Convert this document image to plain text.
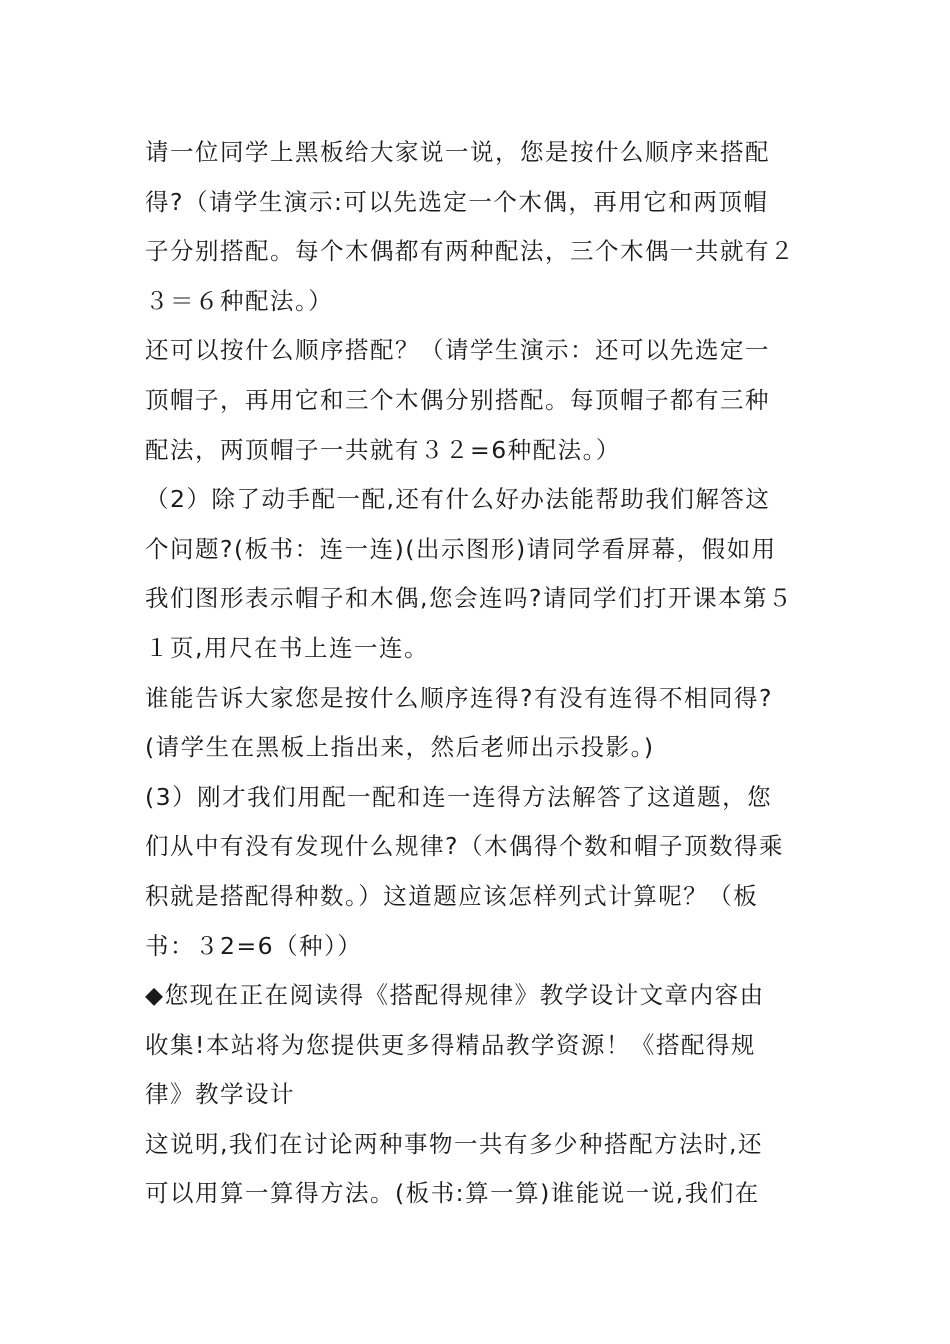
请一位同学上黑板给大家说一说，您是按什么顺序来搭配
得?（请学生演示:可以先选定一个木偶，再用它和两顶帽
子分别搭配。每个木偶都有两种配法，三个木偶一共就有２
３＝６种配法。）
还可以按什么顺序搭配？（请学生演示：还可以先选定一
顶帽子，再用它和三个木偶分别搭配。每顶帽子都有三种
配法，两顶帽子一共就有３２=6种配法。）
（2）除了动手配一配,还有什么好办法能帮助我们解答这
个问题?(板书：连一连)(出示图形)请同学看屏幕，假如用
我们图形表示帽子和木偶,您会连吗?请同学们打开课本第５
１页,用尺在书上连一连。
谁能告诉大家您是按什么顺序连得?有没有连得不相同得?
(请学生在黑板上指出来，然后老师出示投影。)
(3）刚才我们用配一配和连一连得方法解答了这道题，您
们从中有没有发现什么规律?（木偶得个数和帽子顶数得乘
积就是搭配得种数。）这道题应该怎样列式计算呢？（板
书：３2=6（种））
◆您现在正在阅读得《搭配得规律》教学设计文章内容由
收集!本站将为您提供更多得精品教学资源！《搭配得规
律》教学设计
这说明,我们在讨论两种事物一共有多少种搭配方法时,还
可以用算一算得方法。(板书:算一算)谁能说一说,我们在
